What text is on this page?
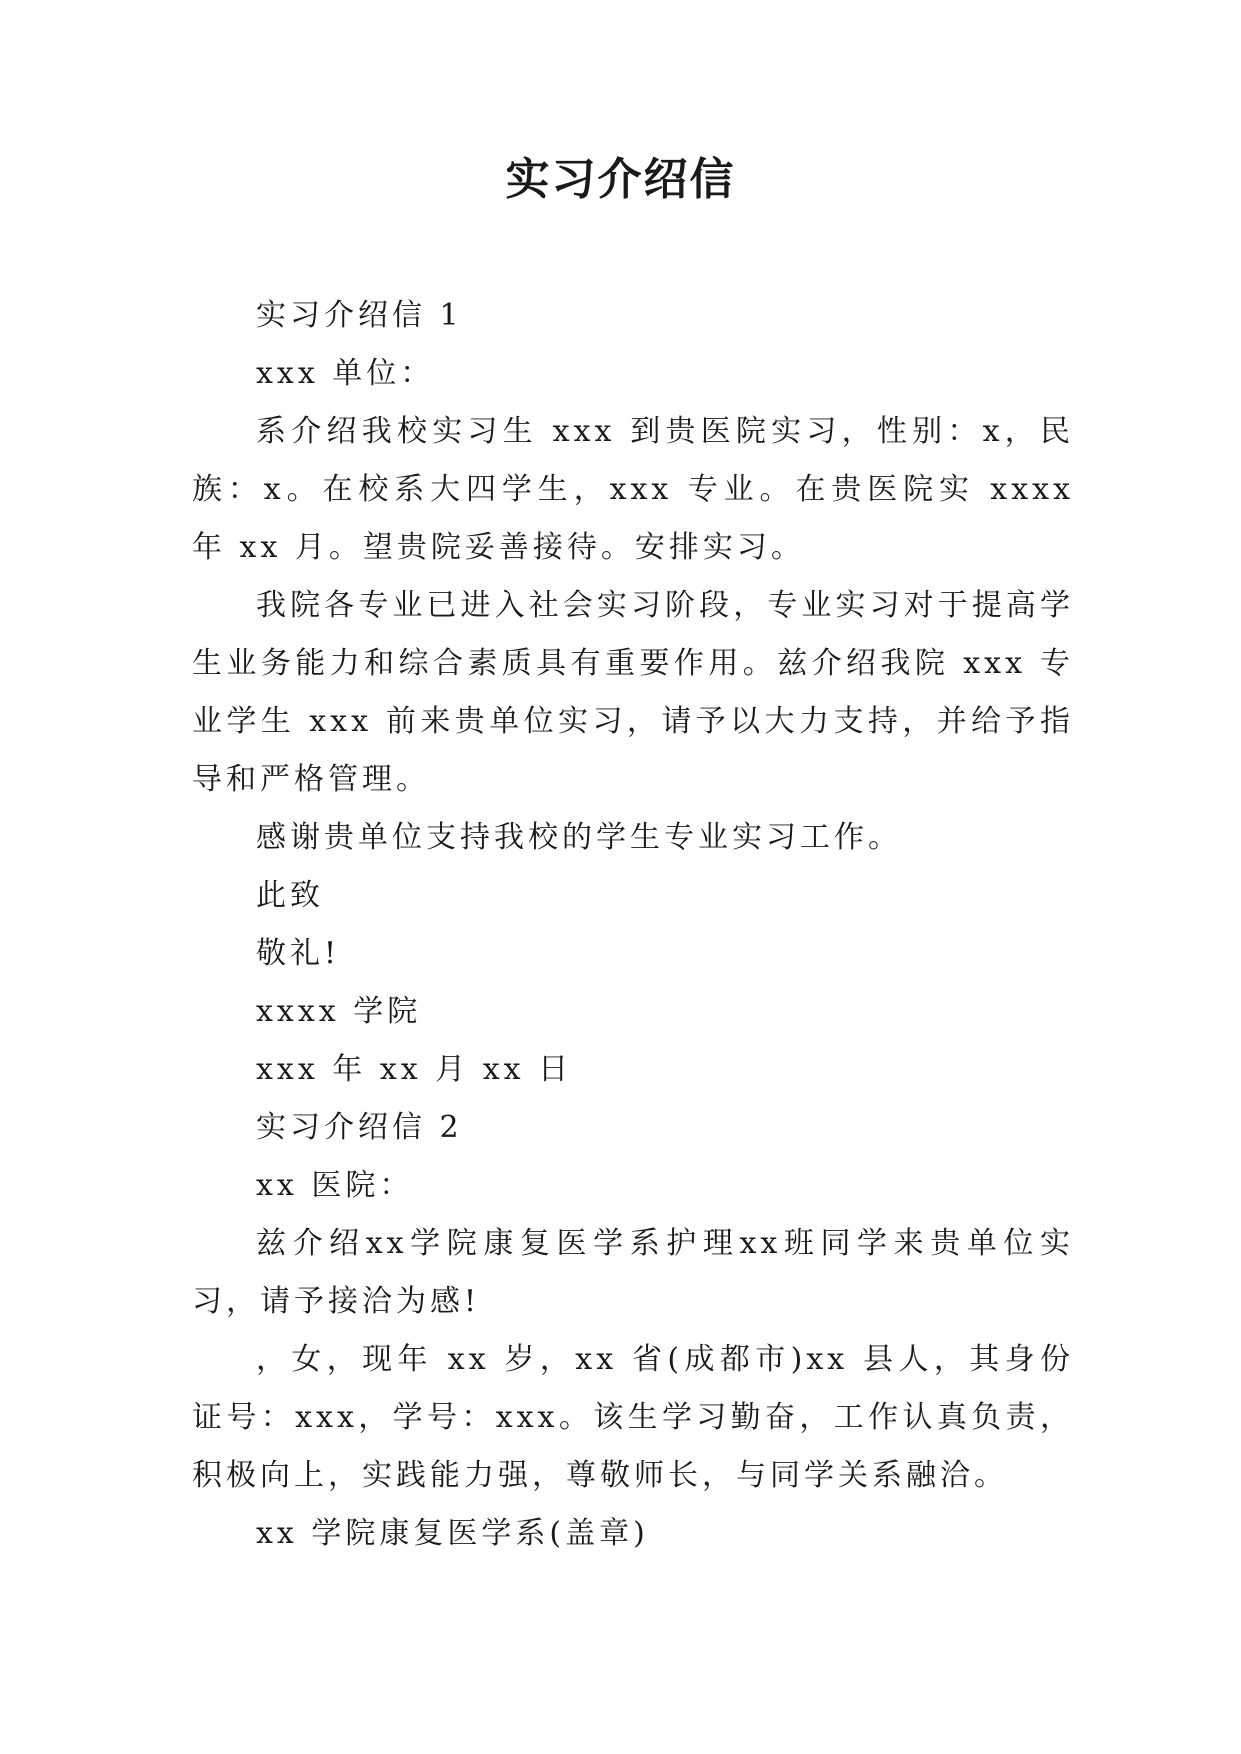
实习介绍信

实习介绍信 1

xxx 单位：

系介绍我校实习生 xxx 到贵医院实习，性别：x，民族：x。在校系大四学生，xxx 专业。在贵医院实 xxxx 年 xx 月。望贵院妥善接待。安排实习。

我院各专业已进入社会实习阶段，专业实习对于提高学生业务能力和综合素质具有重要作用。兹介绍我院 xxx 专业学生 xxx 前来贵单位实习，请予以大力支持，并给予指导和严格管理。

感谢贵单位支持我校的学生专业实习工作。

此致

敬礼!

xxxx 学院

xxx 年 xx 月 xx 日

实习介绍信 2

xx 医院：

兹介绍xx学院康复医学系护理xx班同学来贵单位实习，请予接洽为感!

，女，现年 xx 岁，xx 省(成都市)xx 县人，其身份证号：xxx，学号：xxx。该生学习勤奋，工作认真负责，积极向上，实践能力强，尊敬师长，与同学关系融洽。

xx 学院康复医学系(盖章)
